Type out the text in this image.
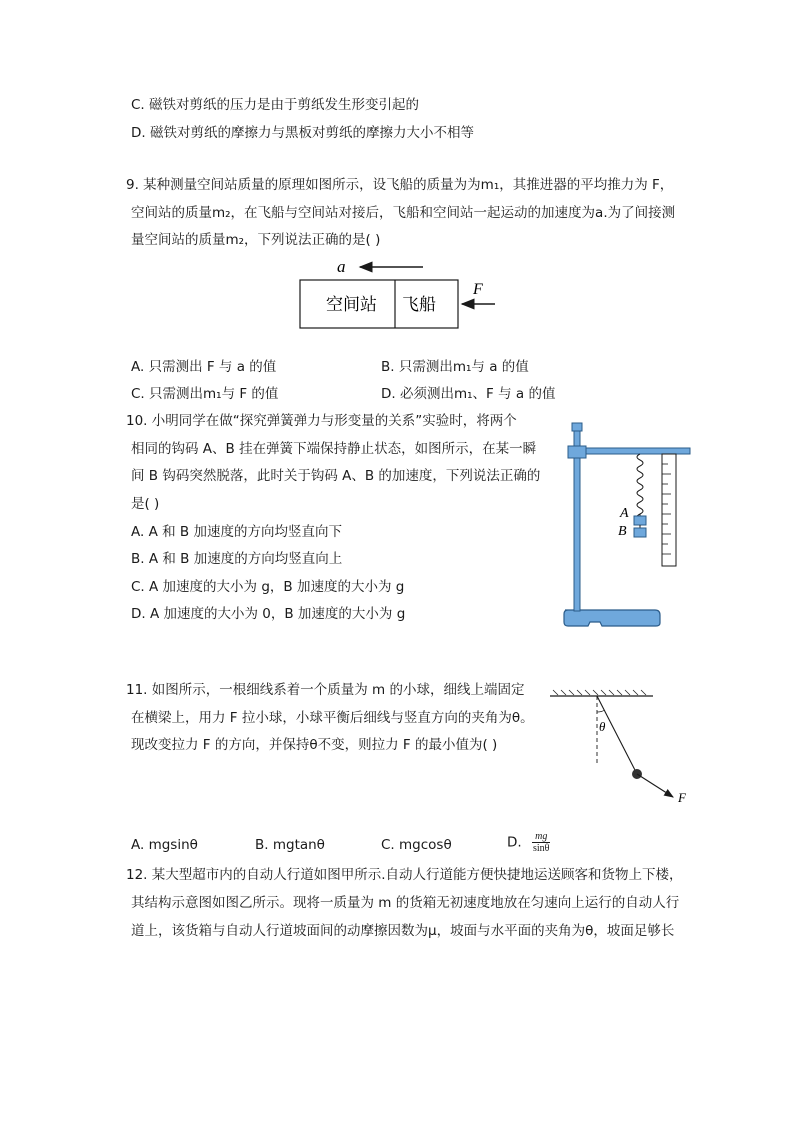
C. 磁铁对剪纸的压力是由于剪纸发生形变引起的
D. 磁铁对剪纸的摩擦力与黑板对剪纸的摩擦力大小不相等
9. 某种测量空间站质量的原理如图所示，设飞船的质量为为m₁，其推进器的平均推力为 F，
空间站的质量m₂，在飞船与空间站对接后，飞船和空间站一起运动的加速度为a.为了间接测
量空间站的质量m₂，下列说法正确的是( )
a
空间站 飞船
F
A. 只需测出 F 与 a 的值	B. 只需测出m₁与 a 的值
C. 只需测出m₁与 F 的值	D. 必须测出m₁、F 与 a 的值
10. 小明同学在做“探究弹簧弹力与形变量的关系”实验时，将两个
相同的钩码 A、B 挂在弹簧下端保持静止状态，如图所示，在某一瞬
间 B 钩码突然脱落，此时关于钩码 A、B 的加速度，下列说法正确的
是( )
A. A 和 B 加速度的方向均竖直向下
B. A 和 B 加速度的方向均竖直向上
C. A 加速度的大小为 g，B 加速度的大小为 g
D. A 加速度的大小为 0，B 加速度的大小为 g
A
B
11. 如图所示，一根细线系着一个质量为 m 的小球，细线上端固定
在横梁上，用力 F 拉小球，小球平衡后细线与竖直方向的夹角为θ。
现改变拉力 F 的方向，并保持θ不变，则拉力 F 的最小值为( )
θ
F
A. mgsinθ	B. mgtanθ	C. mgcosθ	D. $\frac{mg}{\sin\theta}$
12. 某大型超市内的自动人行道如图甲所示.自动人行道能方便快捷地运送顾客和货物上下楼，
其结构示意图如图乙所示。现将一质量为 m 的货箱无初速度地放在匀速向上运行的自动人行
道上，该货箱与自动人行道坡面间的动摩擦因数为μ，坡面与水平面的夹角为θ，坡面足够长
